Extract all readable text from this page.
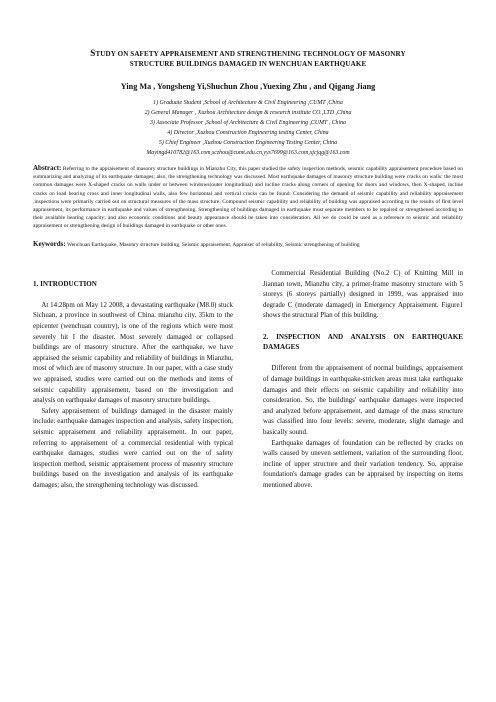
STUDY ON SAFETY APPRAISEMENT AND STRENGTHENING TECHNOLOGY OF MASONRY
STRUCTURE BUILDINGS DAMAGED IN WENCHUAN EARTHQUAKE
Ying Ma , Yongsheng Yi,Shuchun Zhou ,Yuexing Zhu , and Qigang Jiang
1) Graduate Student ,School of Architecture & Civil Engineering ,CUMT ,China
2) General Manager , Xuzhou Architecture design & research institute CO.,LTD ,China
3) Associate Professor ,School of Architecture & Civil Engineering ,CUMT , China
4) Director ,Xuzhou Construction Engineering testing Center, China
5) Chief Engineer ,Xuzhou Construction Engineering Testing Center, China
Mayingd410782@163.com,sczhou@cumt.edu.cn,yys7699@163.com,xjcjqg@163.com
Abstract: Referring to the appraisement of masonry structure buildings in Mianzhu City, this paper studied the safety inspection methods, seismic capability appraisement procedure based on summarizing and analyzing of its earthquake damages; also, the strengthening technology was discussed. Most earthquake damages of masonry structure building were cracks on walls: the most common damages were X-shaped cracks on walls under or between windows(outer longitudinal) and incline cracks along corners of opening for doors and windows, then X-shaped, incline cracks on load bearing cross and inner longitudinal walls, also few horizontal and vertical cracks can be found. Considering the demand of seismic capability and reliability appraisement ,inspections were primarily carried out on structural measures of the mass structure. Compound seismic capability and reliability of building was appraised according to the results of first level appraisement, its performance in earthquake and values of strengthening. Strengthening of buildings damaged in earthquake must separate members to be repaired or strengthened according to their available bearing capacity; and also economic conditions and beauty appearance should be taken into consideration. All we do could be used as a reference to seismic and reliability appraisement or strengthening design of buildings damaged in earthquake or other ones.
Keywords: Wenchuan Earthquake, Masonry structure building, Seismic appraisement, Appraiser of reliability, Seismic strengthening of building
1. INTRODUCTION

At 14:28pm on May 12 2008, a devastating earthquake (M8.0) stuck Sichuan, a province in southwest of China. mianzhu city, 35km to the epicenter (wenchuan country), is one of the regions which were most severely hit I the disaster. Most severely damaged or collapsed buildings are of masonry structure. After the earthquake, we have appraised the seismic capability and reliability of buildings in Mianzhu, most of which are of masonry structure. In our paper, with a case study we appraised, studies were carried out on the methods and items of seismic capability appraisement, based on the investigation and analysis on earthquake damages of masonry structure buildings.

Safety appraisement of buildings damaged in the disaster mainly include: earthquake damages inspection and analysis, safety inspection, seismic appraisement and reliability appraisement. In our paper, referring to appraisement of a commercial residential with typical earthquake damages, studies were carried out on the of safety inspection method, seismic appraisement process of masonry structure buildings based on the investigation and analysis of its earthquake damages; also, the strengthening technology was discussed.

Commercial Residential Building (No.2 C) of Knitting Mill in Jiannan town, Mianzhu city, a primer-frame masonry structure with 5 storeys (6 storeys partially) designed in 1999, was appraised into degrade C (moderate damaged) in Emergency Appraisement. Figure1 shows the structural Plan of this building.

2. INSPECTION AND ANALYSIS ON EARTHQUAKE DAMAGES

Different from the appraisement of normal buildings, appraisement of damage buildings in earthquake-stricken areas must take earthquake damages and their effects on seismic capability and reliability into consideration. So, the buildings' earthquake damages were inspected and analyzed before appraisement, and damage of the mass structure was classified into four levels: severe, moderate, slight damage and basically sound.

Earthquake damages of foundation can be reflected by cracks on walls caused by uneven settlement, variation of the surrounding floor, incline of upper structure and their variation tendency. So, appraise foundation's damage grades can be appraised by inspecting on items mentioned above.
